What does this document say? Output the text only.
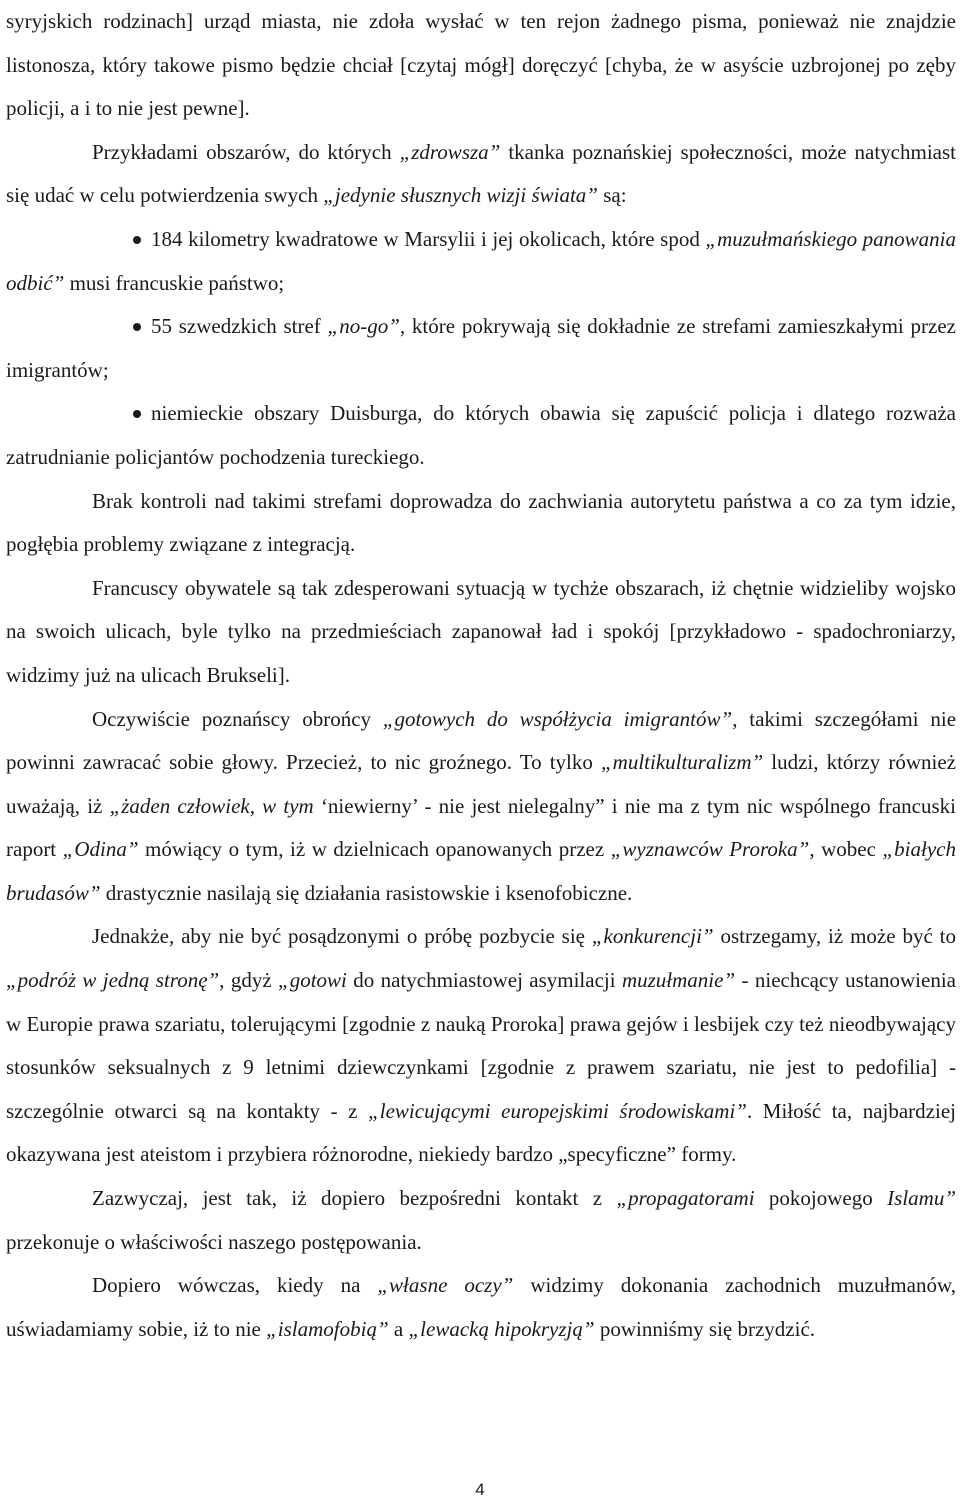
syryjskich rodzinach] urząd miasta, nie zdoła wysłać w ten rejon żadnego pisma, ponieważ nie znajdzie listonosza, który takowe pismo będzie chciał [czytaj mógł] doręczyć [chyba, że w asyście uzbrojonej po zęby policji, a i to nie jest pewne].

Przykładami obszarów, do których „zdrowsza” tkanka poznańskiej społeczności, może natychmiast się udać w celu potwierdzenia swych „jedynie słusznych wizji świata” są:

184 kilometry kwadratowe w Marsylii i jej okolicach, które spod „muzułmańskiego panowania odbić” musi francuskie państwo;

55 szwedzkich stref „no-go”, które pokrywają się dokładnie ze strefami zamieszkałymi przez imigrantów;

niemieckie obszary Duisburga, do których obawia się zapuścić policja i dlatego rozważa zatrudnianie policjantów pochodzenia tureckiego.

Brak kontroli nad takimi strefami doprowadza do zachwiania autorytetu państwa a co za tym idzie, pogłębia problemy związane z integracją.

Francuscy obywatele są tak zdesperowani sytuacją w tychże obszarach, iż chętnie widzieliby wojsko na swoich ulicach, byle tylko na przedmieściach zapanował ład i spokój [przykładowo - spadochroniarzy, widzimy już na ulicach Brukseli].

Oczywiście poznańscy obrońcy „gotowych do współżycia imigrantów”, takimi szczegółami nie powinni zawracać sobie głowy. Przecież, to nic groźnego. To tylko „multikulturalizm” ludzi, którzy również uważają, iż „żaden człowiek, w tym ‘niewierny’ - nie jest nielegalny” i nie ma z tym nic wspólnego francuski raport „Odina” mówiący o tym, iż w dzielnicach opanowanych przez „wyznawców Proroka”, wobec „białych brudasów” drastycznie nasilają się działania rasistowskie i ksenofobiczne.

Jednakże, aby nie być posądzonymi o próbę pozbycie się „konkurencji” ostrzegamy, iż może być to „podróż w jedną stronę”, gdyż „gotowi do natychmiastowej asymilacji muzułmanie” - niechcący ustanowienia w Europie prawa szariatu, tolerującymi [zgodnie z nauką Proroka] prawa gejów i lesbijek czy też nieodbywający stosunków seksualnych z 9 letnimi dziewczynkami [zgodnie z prawem szariatu, nie jest to pedofilia] - szczególnie otwarci są na kontakty - z „lewicującymi europejskimi środowiskami”. Miłość ta, najbardziej okazywana jest ateistom i przybiera różnorodne, niekiedy bardzo „specyficzne” formy.

Zazwyczaj, jest tak, iż dopiero bezpośredni kontakt z „propagatorami pokojowego Islamu” przekonuje o właściwości naszego postępowania.

Dopiero wówczas, kiedy na „własne oczy” widzimy dokonania zachodnich muzułmanów, uświadamiamy sobie, iż to nie „islamofobią” a „lewacką hipokryzją” powinniśmy się brzydzić.

4
